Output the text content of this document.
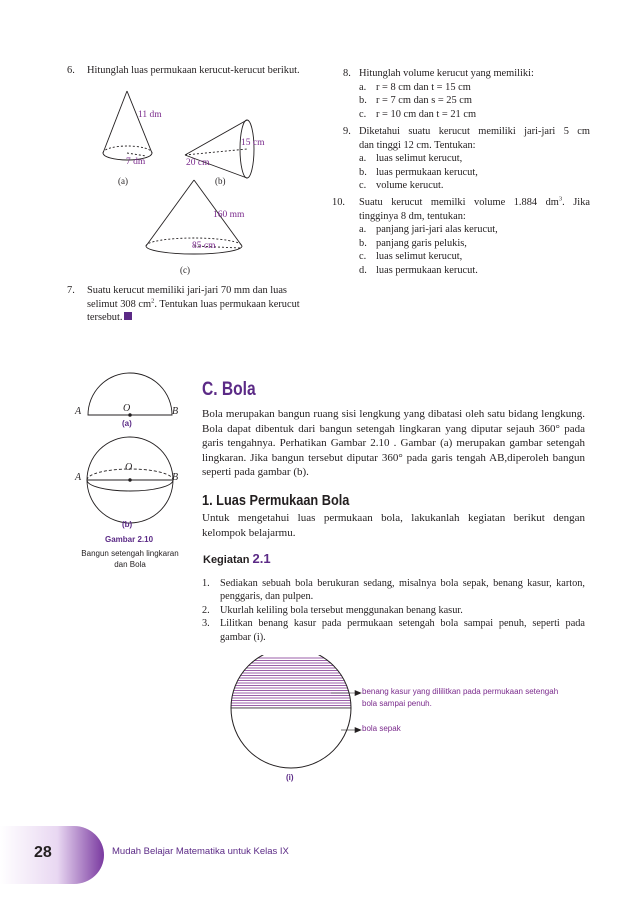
6. Hitunglah luas permukaan kerucut-kerucut berikut.
11 dm
7 dm
(a)
15 cm
20 cm
(b)
160 mm
85 cm
(c)
7. Suatu kerucut memiliki jari-jari 70 mm dan luas
selimut 308 $cm^2$. Tentukan luas permukaan kerucut
tersebut.
8. Hitunglah volume kerucut yang memiliki:
a. r = 8 cm dan t = 15 cm
b. r = 7 cm dan s = 25 cm
c. r = 10 cm dan t = 21 cm
9. Diketahui suatu kerucut memiliki jari-jari 5 cm
dan tinggi 12 cm. Tentukan:
a. luas selimut kerucut,
b. luas permukaan kerucut,
c. volume kerucut.
10. Suatu kerucut memilki volume 1.884 $dm^3$. Jika
tingginya 8 dm, tentukan:
a. panjang jari-jari alas kerucut,
b. panjang garis pelukis,
c. luas selimut kerucut,
d. luas permukaan kerucut.
A	O	B
(a)
A
O
B
(b)
Gambar 2.10
Bangun setengah lingkaran
dan Bola
C. Bola
Bola merupakan bangun ruang sisi lengkung yang dibatasi oleh satu bidang lengkung. Bola dapat dibentuk dari bangun setengah lingkaran yang diputar sejauh 360° pada garis tengahnya. Perhatikan Gambar 2.10 . Gambar (a) merupakan gambar setengah lingkaran. Jika bangun tersebut diputar 360° pada garis tengah AB,diperoleh bangun seperti pada gambar (b).
1. Luas Permukaan Bola
Untuk mengetahui luas permukaan bola, lakukanlah kegiatan berikut dengan kelompok belajarmu.
Kegiatan 2.1
1. Sediakan sebuah bola berukuran sedang, misalnya bola sepak, benang kasur, karton, penggaris, dan pulpen.
2. Ukurlah keliling bola tersebut menggunakan benang kasur.
3. Lilitkan benang kasur pada permukaan setengah bola sampai penuh, seperti pada gambar (i).
benang kasur yang dililitkan pada permukaan setengah
bola sampai penuh.
bola sepak
(i)
28	Mudah Belajar Matematika untuk Kelas IX
